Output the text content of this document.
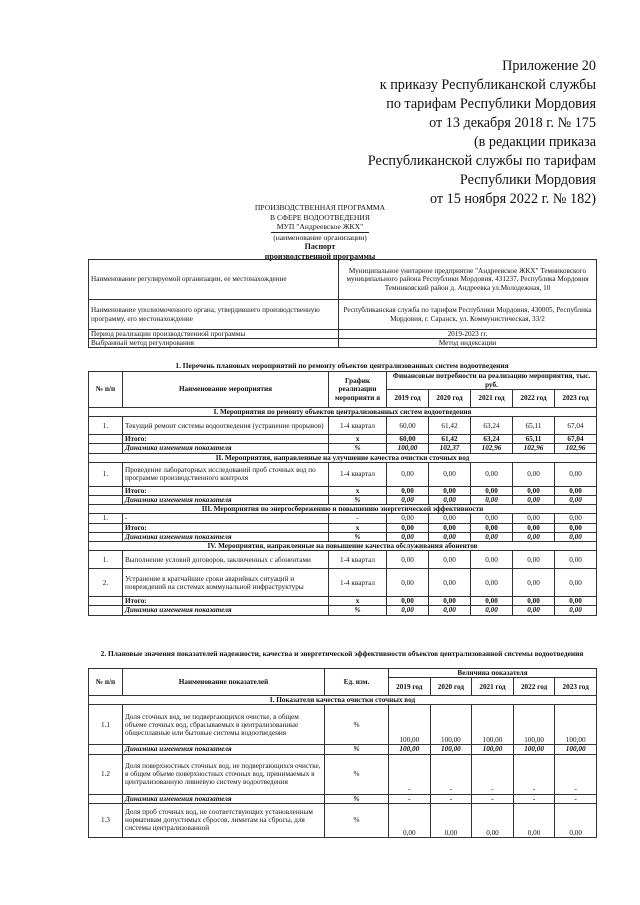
Приложение 20
к приказу Республиканской службы
по тарифам Республики Мордовия
от 13 декабря 2018 г. № 175
(в редакции приказа
Республиканской службы по тарифам
Республики Мордовия
от 15 ноября 2022 г. № 182)
ПРОИЗВОДСТВЕННАЯ ПРОГРАММА
В СФЕРЕ ВОДООТВЕДЕНИЯ
МУП "Андреевское ЖКХ"
(наименование организации)
Паспорт
производственной программы
Наименование регулируемой организации, ее местонахождение	Муниципальное унитарное предприятие "Андреевское ЖКХ" Темниковского муниципального района Республики Мордовия, 431237, Республика Мордовия Темниковский район д. Андреевка ул.Молодежная, 10
Наименование уполномоченного органа, утвердившего производственную программу, его местонахождение	Республиканская служба по тарифам Республики Мордовия, 430005, Республика Мордовия, г. Саранск, ул. Коммунистическая, 33/2
Период реализации производственной программы	2019-2023 гг.
Выбранный метод регулирования	Метод индексации
1. Перечень плановых мероприятий по ремонту объектов централизованных систем водоотведения
№ п/п	Наименование мероприятия	График реализации мероприяти я	Финансовые потребности на реализацию мероприятия, тыс. руб.				
			2019 год	2020 год	2021 год	2022 год	2023 год
I. Мероприятия по ремонту объектов централизованных систем водоотведения							
1.	Текущий ремонт системы водоотведения (устранение прорывов)	1-4 квартал	60,00	61,42	63,24	65,11	67,04
	Итого:	х	60,00	61,42	63,24	65,11	67,04
	Динамика изменения показателя	%	100,00	102,37	102,96	102,96	102,96
II. Мероприятия, направленные на улучшение качества очистки сточных вод							
1.	Проведение лабораторных исследований проб сточных вод по программе производственного контроля	1-4 квартал	0,00	0,00	0,00	0,00	0,00
	Итого:	х	0,00	0,00	0,00	0,00	0,00
	Динамика изменения показателя	%	0,00	0,00	0,00	0,00	0,00
III. Мероприятия по энергосбережению и повышению энергетической эффективности							
1.	-	-	0,00	0,00	0,00	0,00	0,00
	Итого:	х	0,00	0,00	0,00	0,00	0,00
	Динамика изменения показателя	%	0,00	0,00	0,00	0,00	0,00
IV. Мероприятия, направленные на повышение качества обслуживания абонентов							
1.	Выполнение условий договоров, заключенных с абонентами	1-4 квартал	0,00	0,00	0,00	0,00	0,00
2.	Устранение в кратчайшие сроки аварийных ситуаций и повреждений на системах коммунальной инфраструктуры	1-4 квартал	0,00	0,00	0,00	0,00	0,00
	Итого:	х	0,00	0,00	0,00	0,00	0,00
	Динамика изменения показателя	%	0,00	0,00	0,00	0,00	0,00
2. Плановые значения показателей надежности, качества и энергетической эффективности объектов централизованной системы водоотведения
№ п/п	Наименование показателей	Ед. изм.	Величина показателя				
			2019 год	2020 год	2021 год	2022 год	2023 год
I. Показатели качества очистки сточных вод							
1.1	Доля сточных вод, не подвергающихся очистке, в общем объеме сточных вод, сбрасываемых в централизованные общесплавные или бытовые системы водоотведения	%	100,00	100,00	100,00	100,00	100,00
	Динамика изменения показателя	%	100,00	100,00	100,00	100,00	100,00
1.2	Доля поверхностных сточных вод, не подвергающихся очистке, в общем объеме поверхностных сточных вод, принимаемых в централизованную ливневую систему водоотведения	%	-	-	-	-	-
	Динамика изменения показателя	%	-	-	-	-	-
1.3	Доля проб сточных вод, не соответствующих установленным нормативам допустимых сбросов, лимитам на сбросы, для системы централизованной	%	0,00	0,00	0,00	0,00	0,00
